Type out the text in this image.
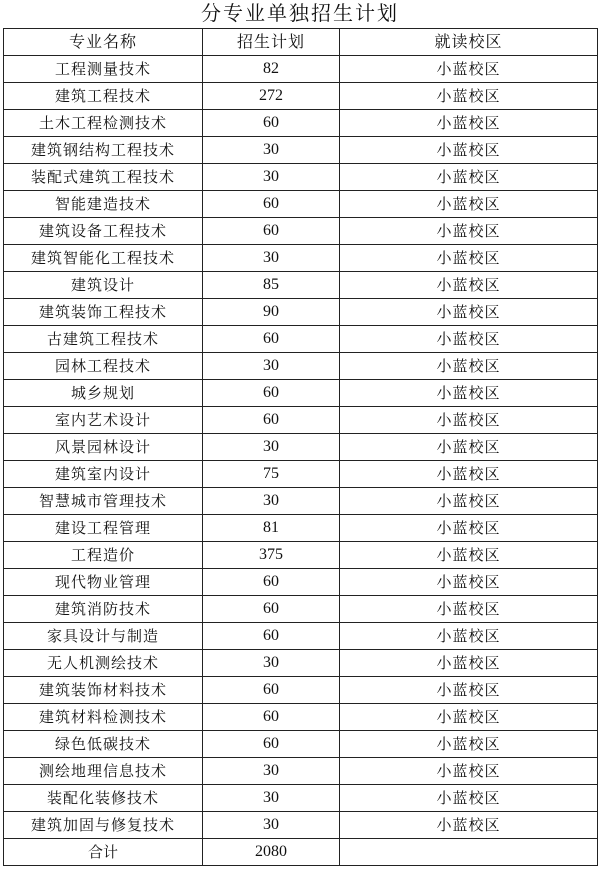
分专业单独招生计划
专业名称	招生计划	就读校区
工程测量技术	82	小蓝校区
建筑工程技术	272	小蓝校区
土木工程检测技术	60	小蓝校区
建筑钢结构工程技术	30	小蓝校区
装配式建筑工程技术	30	小蓝校区
智能建造技术	60	小蓝校区
建筑设备工程技术	60	小蓝校区
建筑智能化工程技术	30	小蓝校区
建筑设计	85	小蓝校区
建筑装饰工程技术	90	小蓝校区
古建筑工程技术	60	小蓝校区
园林工程技术	30	小蓝校区
城乡规划	60	小蓝校区
室内艺术设计	60	小蓝校区
风景园林设计	30	小蓝校区
建筑室内设计	75	小蓝校区
智慧城市管理技术	30	小蓝校区
建设工程管理	81	小蓝校区
工程造价	375	小蓝校区
现代物业管理	60	小蓝校区
建筑消防技术	60	小蓝校区
家具设计与制造	60	小蓝校区
无人机测绘技术	30	小蓝校区
建筑装饰材料技术	60	小蓝校区
建筑材料检测技术	60	小蓝校区
绿色低碳技术	60	小蓝校区
测绘地理信息技术	30	小蓝校区
装配化装修技术	30	小蓝校区
建筑加固与修复技术	30	小蓝校区
合计	2080	
